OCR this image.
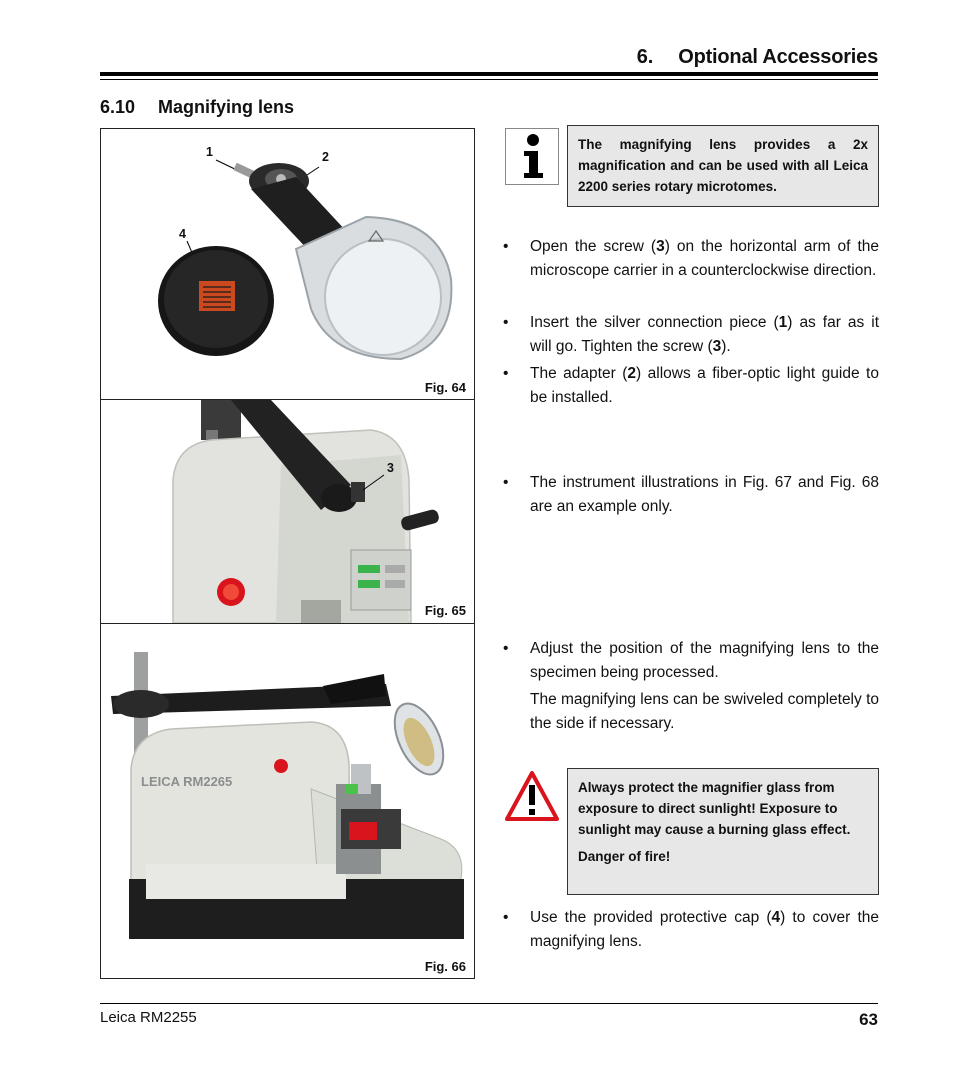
6.  Optional Accessories
6.10  Magnifying lens
1	2
4
Fig. 64
3
Fig. 65
LEICA RM2265
Fig. 66
The magnifying lens provides a 2x magnification and can be used with all Leica 2200 series rotary microtomes.
• Open the screw (3) on the horizontal arm of the microscope carrier in a counterclockwise direction.
• Insert the silver connection piece (1) as far as it will go. Tighten the screw (3).
• The adapter (2) allows a fiber-optic light guide to be installed.
• The instrument illustrations in Fig. 67 and Fig. 68 are an example only.
• Adjust the position of the magnifying lens to the specimen being processed.
The magnifying lens can be swiveled completely to the side if necessary.

Always protect the magnifier glass from exposure to direct sunlight! Exposure to sunlight may cause a burning glass effect.

Danger of fire!

• Use the provided protective cap (4) to cover the magnifying lens.
Leica RM2255	63
